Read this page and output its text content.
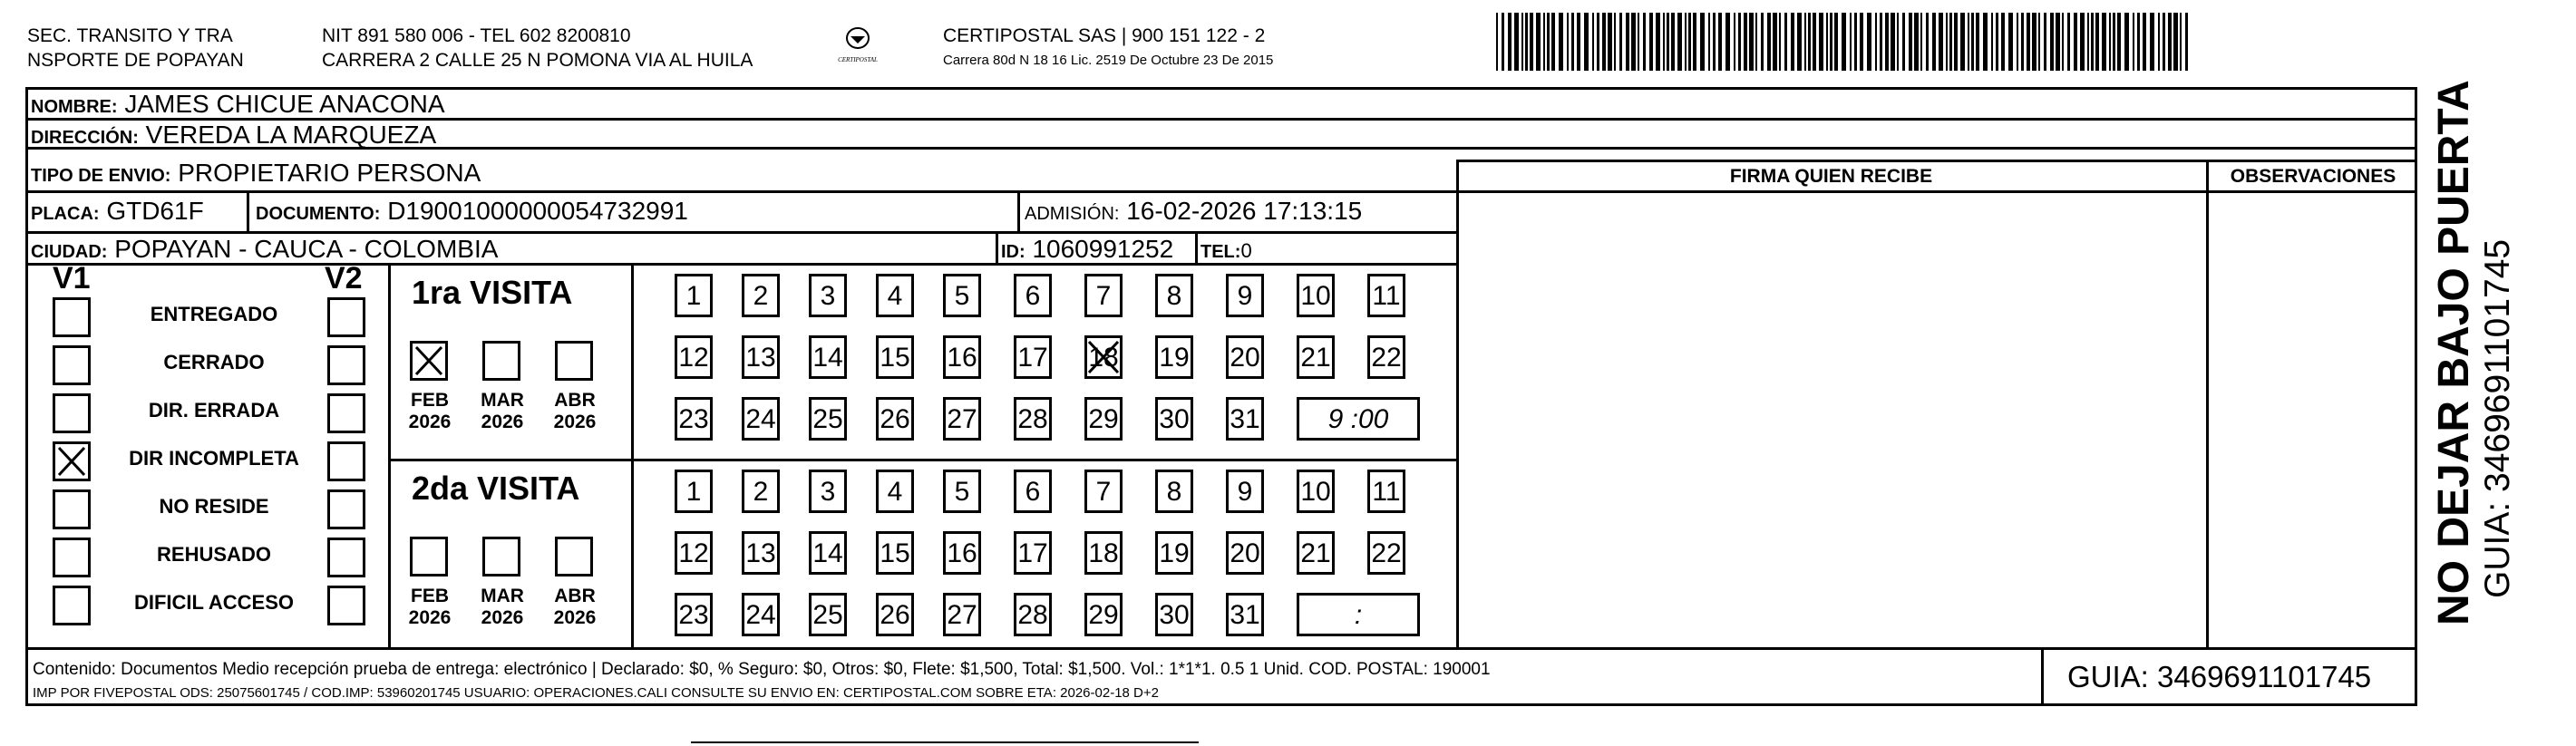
SEC. TRANSITO Y TRA
NSPORTE DE POPAYAN
NIT 891 580 006 - TEL 602 8200810
CARRERA 2 CALLE 25 N POMONA VIA AL HUILA	CERTIPOSTAL
CERTIPOSTAL SAS | 900 151 122 - 2
Carrera 80d N 18 16 Lic. 2519 De Octubre 23 De 2015
NOMBRE: JAMES CHICUE ANACONA
DIRECCIÓN: VEREDA LA MARQUEZA
TIPO DE ENVIO: PROPIETARIO PERSONA
PLACA: GTD61F	DOCUMENTO: D19001000000054732991	ADMISIÓN: 16-02-2026 17:13:15
CIUDAD: POPAYAN - CAUCA - COLOMBIA	ID: 1060991252 TEL:0
FIRMA QUIEN RECIBE	OBSERVACIONES
V1	V2
ENTREGADO
CERRADO
DIR. ERRADA
DIR INCOMPLETA
NO RESIDE
REHUSADO
DIFICIL ACCESO
1ra VISITA
FEB
2026
MAR
2026
ABR
2026
1	2	3	4	5	6	7	8	9	10 11
12 13 14 15 16 17 18 19 20 21 22
23 24 25 26 27 28 29 30 31	9 :00
2da VISITA
FEB
2026
MAR
2026
ABR
2026
1	2	3	4	5	6	7	8	9	10 11
12 13 14 15 16 17 18 19 20 21 22
23 24 25 26 27 28 29 30 31	:
Contenido: Documentos Medio recepción prueba de entrega: electrónico | Declarado: $0, % Seguro: $0, Otros: $0, Flete: $1,500, Total: $1,500. Vol.: 1*1*1. 0.5 1 Unid. COD. POSTAL: 190001
IMP POR FIVEPOSTAL ODS: 25075601745 / COD.IMP: 53960201745 USUARIO: OPERACIONES.CALI CONSULTE SU ENVIO EN: CERTIPOSTAL.COM SOBRE ETA: 2026-02-18 D+2	GUIA: 3469691101745
NO DEJAR BAJO PUERTA GUIA: 3469691101745
